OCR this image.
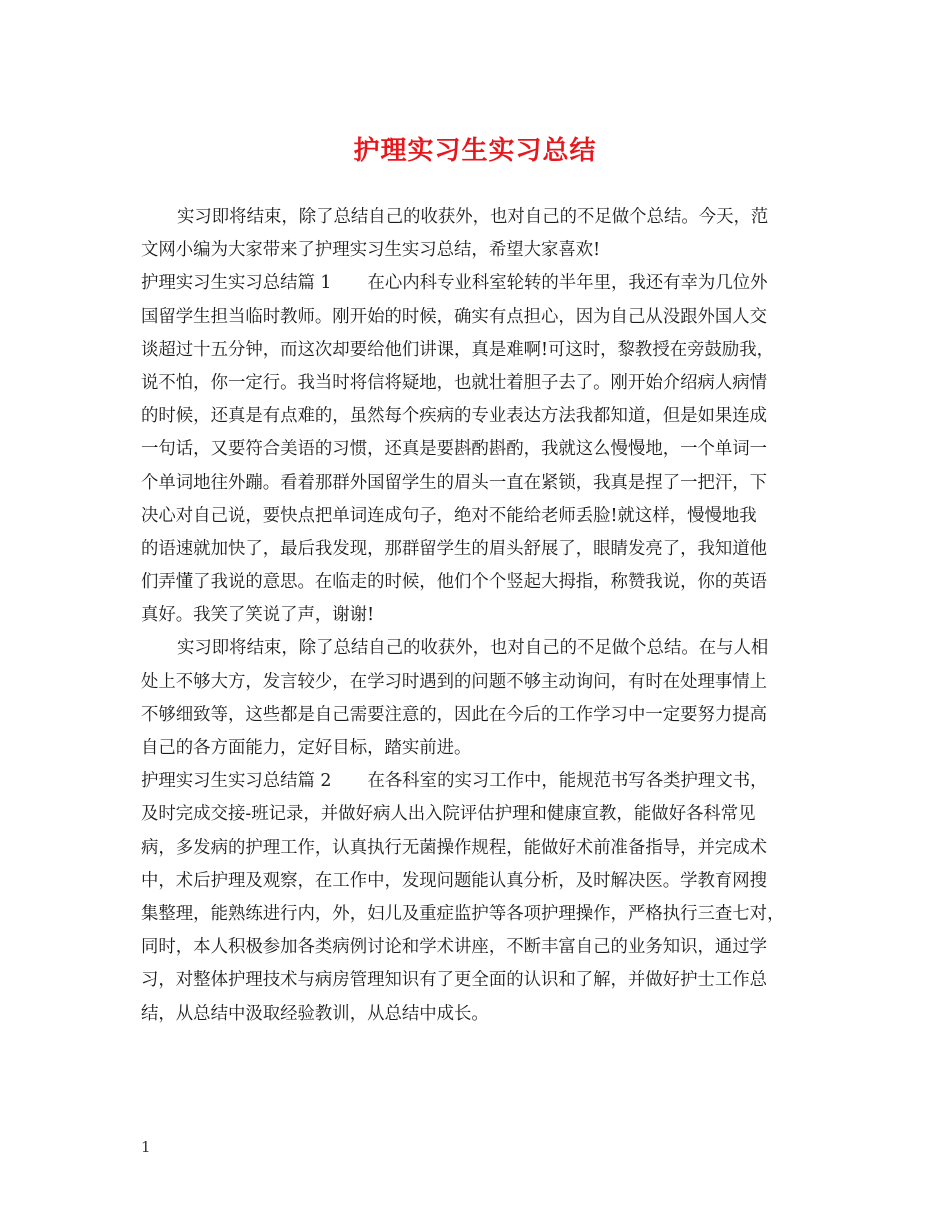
护理实习生实习总结
实习即将结束，除了总结自己的收获外，也对自己的不足做个总结。今天，范
文网小编为大家带来了护理实习生实习总结，希望大家喜欢!
护理实习生实习总结篇 1 在心内科专业科室轮转的半年里，我还有幸为几位外
国留学生担当临时教师。刚开始的时候，确实有点担心，因为自己从没跟外国人交
谈超过十五分钟，而这次却要给他们讲课，真是难啊!可这时，黎教授在旁鼓励我，
说不怕，你一定行。我当时将信将疑地，也就壮着胆子去了。刚开始介绍病人病情
的时候，还真是有点难的，虽然每个疾病的专业表达方法我都知道，但是如果连成
一句话，又要符合美语的习惯，还真是要斟酌斟酌，我就这么慢慢地，一个单词一
个单词地往外蹦。看着那群外国留学生的眉头一直在紧锁，我真是捏了一把汗，下
决心对自己说，要快点把单词连成句子，绝对不能给老师丢脸!就这样，慢慢地我
的语速就加快了，最后我发现，那群留学生的眉头舒展了，眼睛发亮了，我知道他
们弄懂了我说的意思。在临走的时候，他们个个竖起大拇指，称赞我说，你的英语
真好。我笑了笑说了声，谢谢!
实习即将结束，除了总结自己的收获外，也对自己的不足做个总结。在与人相
处上不够大方，发言较少，在学习时遇到的问题不够主动询问，有时在处理事情上
不够细致等，这些都是自己需要注意的，因此在今后的工作学习中一定要努力提高
自己的各方面能力，定好目标，踏实前进。
护理实习生实习总结篇 2 在各科室的实习工作中，能规范书写各类护理文书，
及时完成交接-班记录，并做好病人出入院评估护理和健康宣教，能做好各科常见
病，多发病的护理工作，认真执行无菌操作规程，能做好术前准备指导，并完成术
中，术后护理及观察，在工作中，发现问题能认真分析，及时解决医。学教育网搜
集整理，能熟练进行内，外，妇儿及重症监护等各项护理操作，严格执行三查七对，
同时，本人积极参加各类病例讨论和学术讲座，不断丰富自己的业务知识，通过学
习，对整体护理技术与病房管理知识有了更全面的认识和了解，并做好护士工作总
结，从总结中汲取经验教训，从总结中成长。
1
